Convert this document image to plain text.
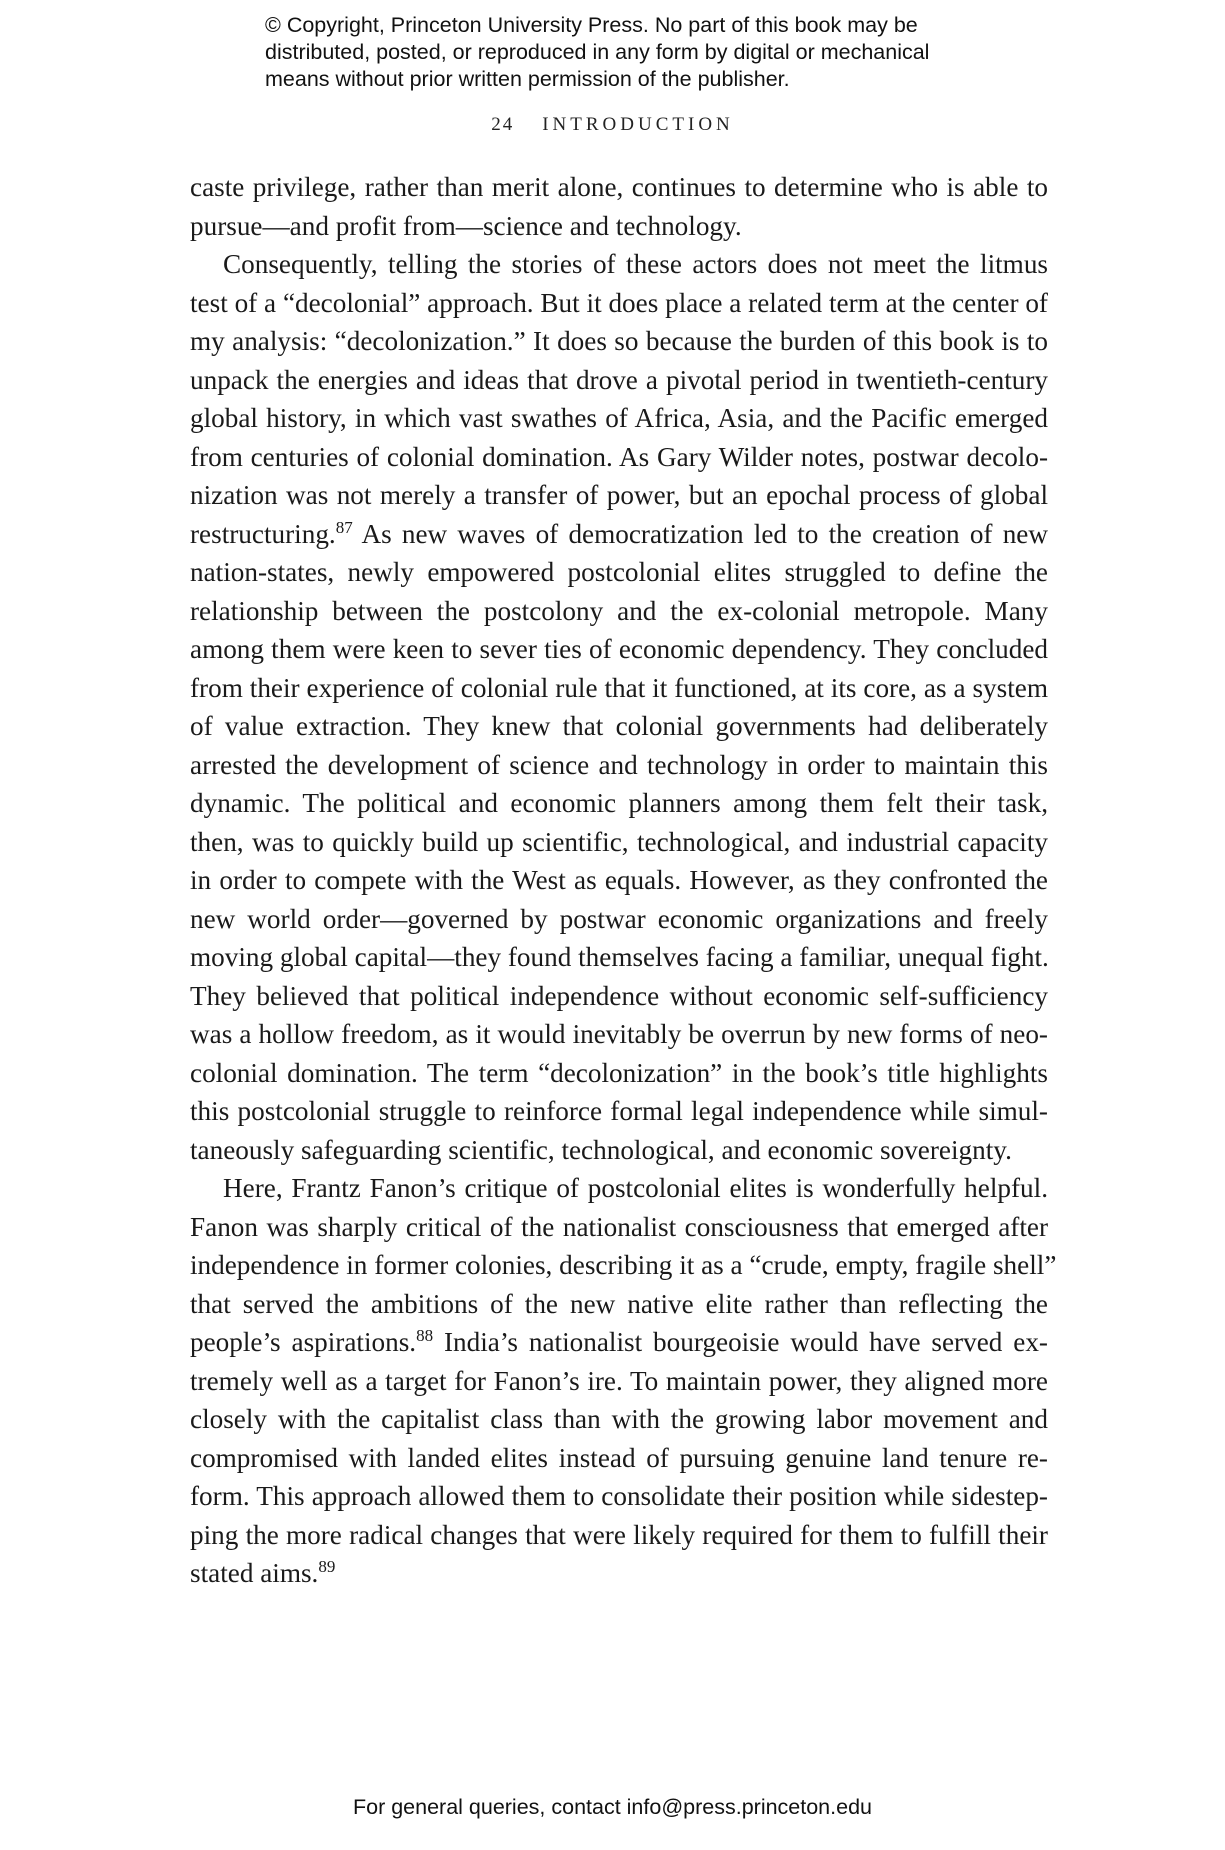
© Copyright, Princeton University Press. No part of this book may be
distributed, posted, or reproduced in any form by digital or mechanical
means without prior written permission of the publisher.
24 INTRODUCTION
caste privilege, rather than merit alone, continues to determine who is able to
pursue—and profit from—science and technology.
Consequently, telling the stories of these actors does not meet the litmus
test of a “decolonial” approach. But it does place a related term at the center of
my analysis: “decolonization.” It does so because the burden of this book is to
unpack the energies and ideas that drove a pivotal period in twentieth-century
global history, in which vast swathes of Africa, Asia, and the Pacific emerged
from centuries of colonial domination. As Gary Wilder notes, postwar decolo-
nization was not merely a transfer of power, but an epochal process of global
restructuring.$^{87}$ As new waves of democratization led to the creation of new
nation-states, newly empowered postcolonial elites struggled to define the
relationship between the postcolony and the ex-colonial metropole. Many
among them were keen to sever ties of economic dependency. They concluded
from their experience of colonial rule that it functioned, at its core, as a system
of value extraction. They knew that colonial governments had deliberately
arrested the development of science and technology in order to maintain this
dynamic. The political and economic planners among them felt their task,
then, was to quickly build up scientific, technological, and industrial capacity
in order to compete with the West as equals. However, as they confronted the
new world order—governed by postwar economic organizations and freely
moving global capital—they found themselves facing a familiar, unequal fight.
They believed that political independence without economic self-sufficiency
was a hollow freedom, as it would inevitably be overrun by new forms of neo-
colonial domination. The term “decolonization” in the book’s title highlights
this postcolonial struggle to reinforce formal legal independence while simul-
taneously safeguarding scientific, technological, and economic sovereignty.
Here, Frantz Fanon’s critique of postcolonial elites is wonderfully helpful.
Fanon was sharply critical of the nationalist consciousness that emerged after
independence in former colonies, describing it as a “crude, empty, fragile shell”
that served the ambitions of the new native elite rather than reflecting the
people’s aspirations.$^{88}$ India’s nationalist bourgeoisie would have served ex-
tremely well as a target for Fanon’s ire. To maintain power, they aligned more
closely with the capitalist class than with the growing labor movement and
compromised with landed elites instead of pursuing genuine land tenure re-
form. This approach allowed them to consolidate their position while sidestep-
ping the more radical changes that were likely required for them to fulfill their
stated aims.$^{89}$
For general queries, contact info@press.princeton.edu
